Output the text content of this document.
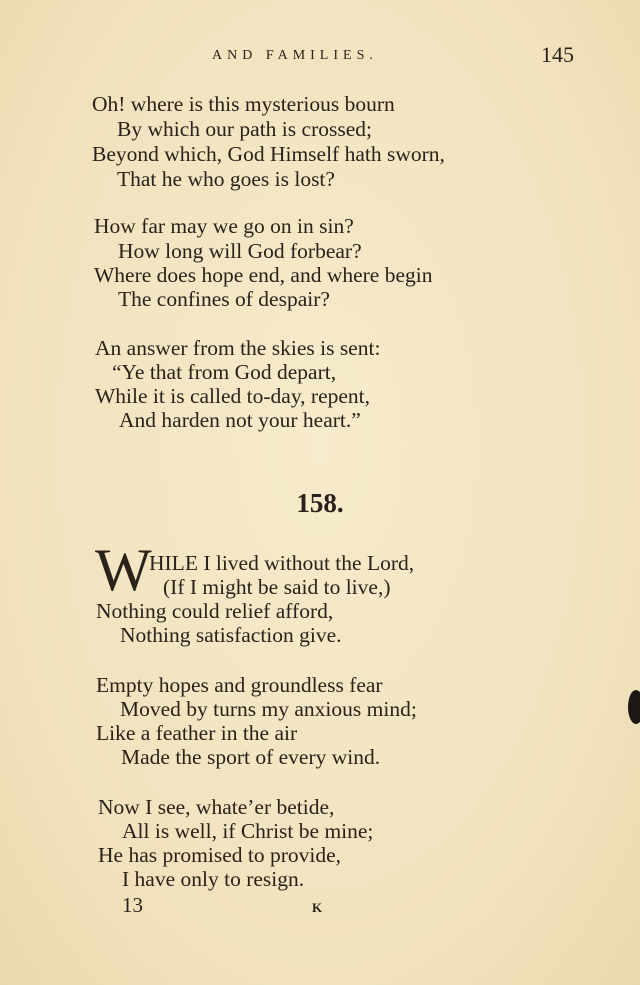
AND FAMILIES.	145
Oh! where is this mysterious bourn
By which our path is crossed;
Beyond which, God Himself hath sworn,
That he who goes is lost?
How far may we go on in sin?
How long will God forbear?
Where does hope end, and where begin
The confines of despair?
An answer from the skies is sent:
“Ye that from God depart,
While it is called to-day, repent,
And harden not your heart.”
158.
W
HILE I lived without the Lord,
(If I might be said to live,)
Nothing could relief afford,
Nothing satisfaction give.
Empty hopes and groundless fear
Moved by turns my anxious mind;
Like a feather in the air
Made the sport of every wind.
Now I see, whate’er betide,
All is well, if Christ be mine;
He has promised to provide,
I have only to resign.
13	K
